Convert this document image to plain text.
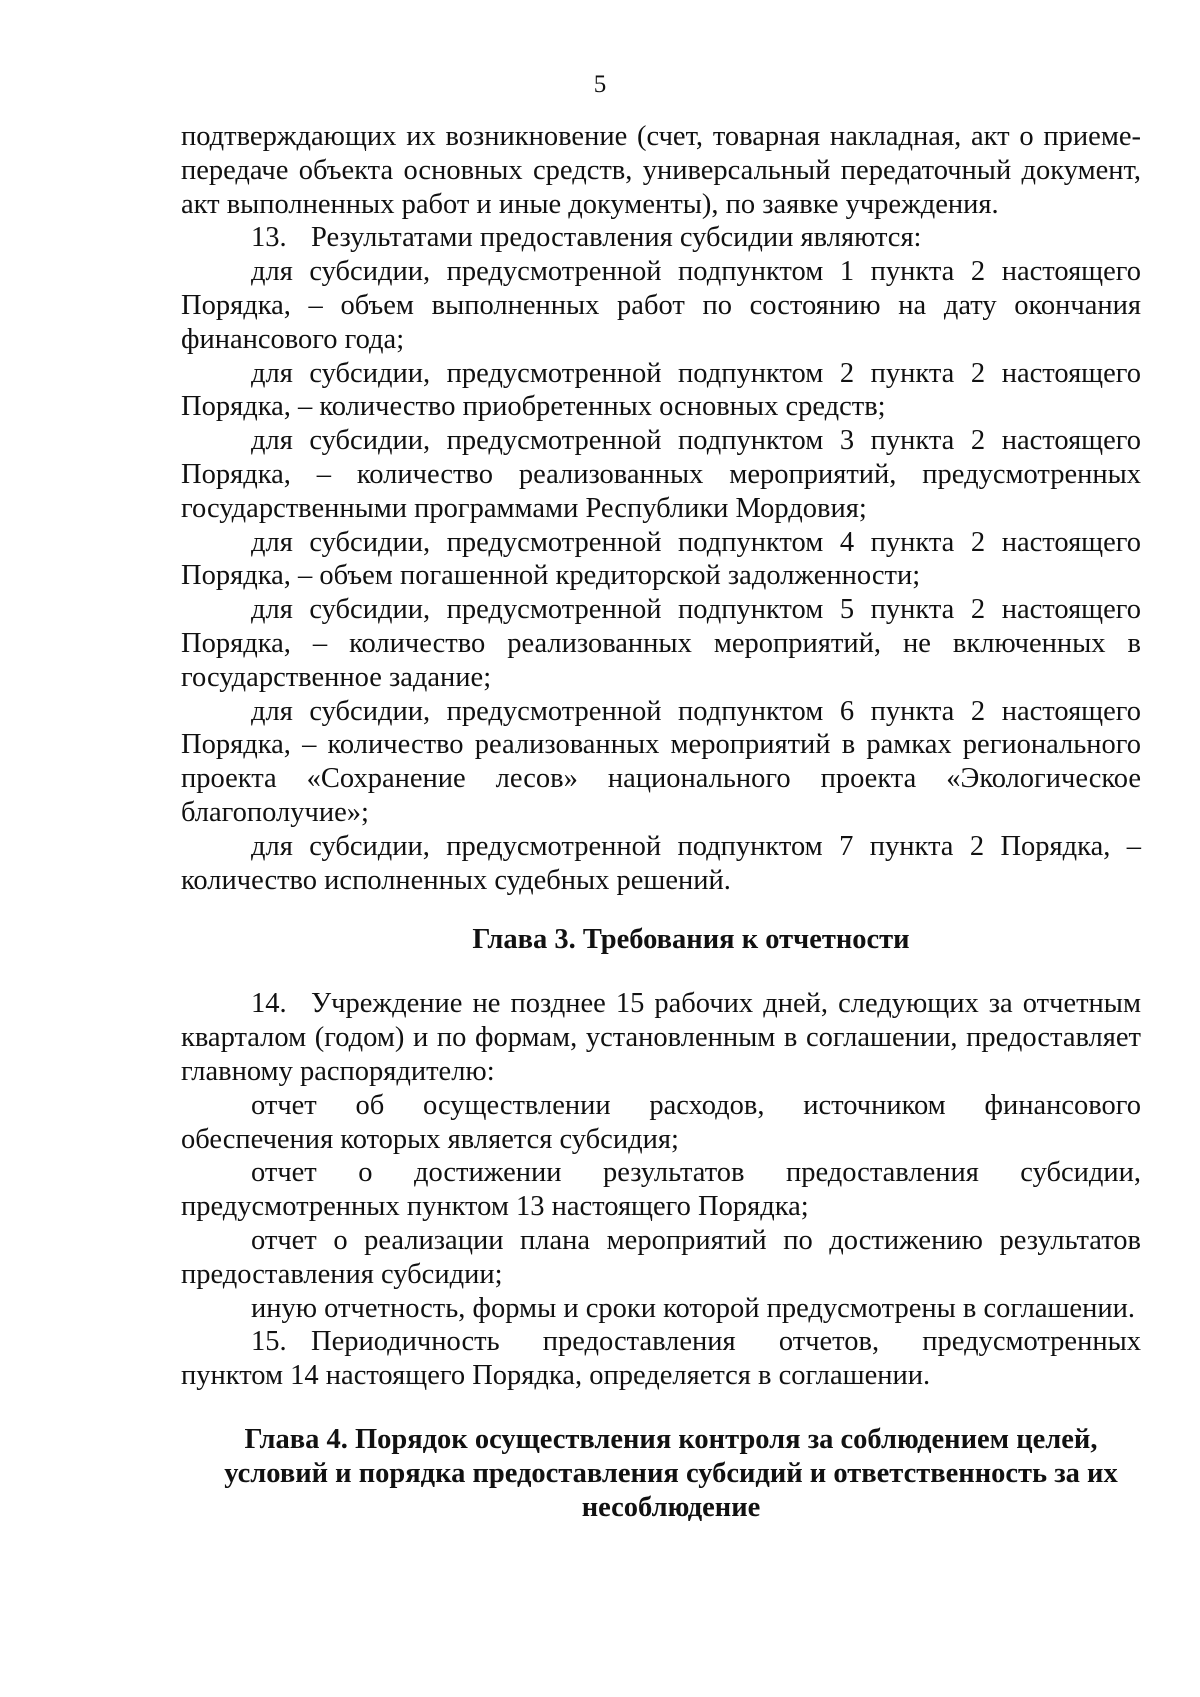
5

подтверждающих их возникновение (счет, товарная накладная, акт о приеме-передаче объекта основных средств, универсальный передаточный документ, акт выполненных работ и иные документы), по заявке учреждения.

13. Результатами предоставления субсидии являются:

для субсидии, предусмотренной подпунктом 1 пункта 2 настоящего Порядка, – объем выполненных работ по состоянию на дату окончания финансового года;

для субсидии, предусмотренной подпунктом 2 пункта 2 настоящего Порядка, – количество приобретенных основных средств;

для субсидии, предусмотренной подпунктом 3 пункта 2 настоящего Порядка, – количество реализованных мероприятий, предусмотренных государственными программами Республики Мордовия;

для субсидии, предусмотренной подпунктом 4 пункта 2 настоящего Порядка, – объем погашенной кредиторской задолженности;

для субсидии, предусмотренной подпунктом 5 пункта 2 настоящего Порядка, – количество реализованных мероприятий, не включенных в государственное задание;

для субсидии, предусмотренной подпунктом 6 пункта 2 настоящего Порядка, – количество реализованных мероприятий в рамках регионального проекта «Сохранение лесов» национального проекта «Экологическое благополучие»;

для субсидии, предусмотренной подпунктом 7 пункта 2 Порядка, – количество исполненных судебных решений.

Глава 3. Требования к отчетности

14. Учреждение не позднее 15 рабочих дней, следующих за отчетным кварталом (годом) и по формам, установленным в соглашении, предоставляет главному распорядителю:

отчет об осуществлении расходов, источником финансового обеспечения которых является субсидия;

отчет о достижении результатов предоставления субсидии, предусмотренных пунктом 13 настоящего Порядка;

отчет о реализации плана мероприятий по достижению результатов предоставления субсидии;

иную отчетность, формы и сроки которой предусмотрены в соглашении.

15. Периодичность предоставления отчетов, предусмотренных пунктом 14 настоящего Порядка, определяется в соглашении.

Глава 4. Порядок осуществления контроля за соблюдением целей, условий и порядка предоставления субсидий и ответственность за их несоблюдение
